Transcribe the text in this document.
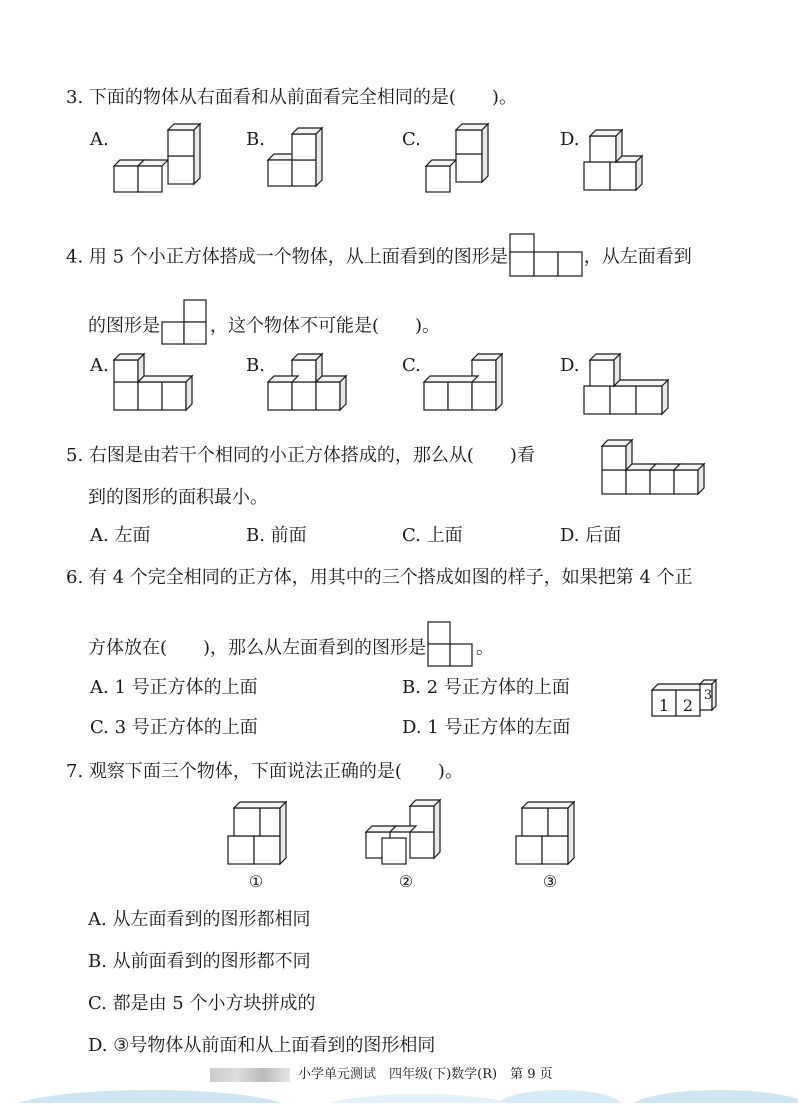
3. 下面的物体从右面看和从前面看完全相同的是(　　)。
A.	B.	C.	D.
4. 用 5 个小正方体搭成一个物体，从上面看到的图形是	，从左面看到
的图形是	，这个物体不可能是(　　)。
A.	B.	C.	D.
5. 右图是由若干个相同的小正方体搭成的，那么从(　　)看
到的图形的面积最小。
A. 左面	B. 前面	C. 上面	D. 后面
6. 有 4 个完全相同的正方体，用其中的三个搭成如图的样子，如果把第 4 个正
方体放在(　　)，那么从左面看到的图形是	。
A. 1 号正方体的上面	B. 2 号正方体的上面
C. 3 号正方体的上面	D. 1 号正方体的左面
1 2
3
7. 观察下面三个物体，下面说法正确的是(　　)。
①	②	③
A. 从左面看到的图形都相同
B. 从前面看到的图形都不同
C. 都是由 5 个小方块拼成的
D. ③号物体从前面和从上面看到的图形相同
小学单元测试　四年级(下)数学(R)　第 9 页
